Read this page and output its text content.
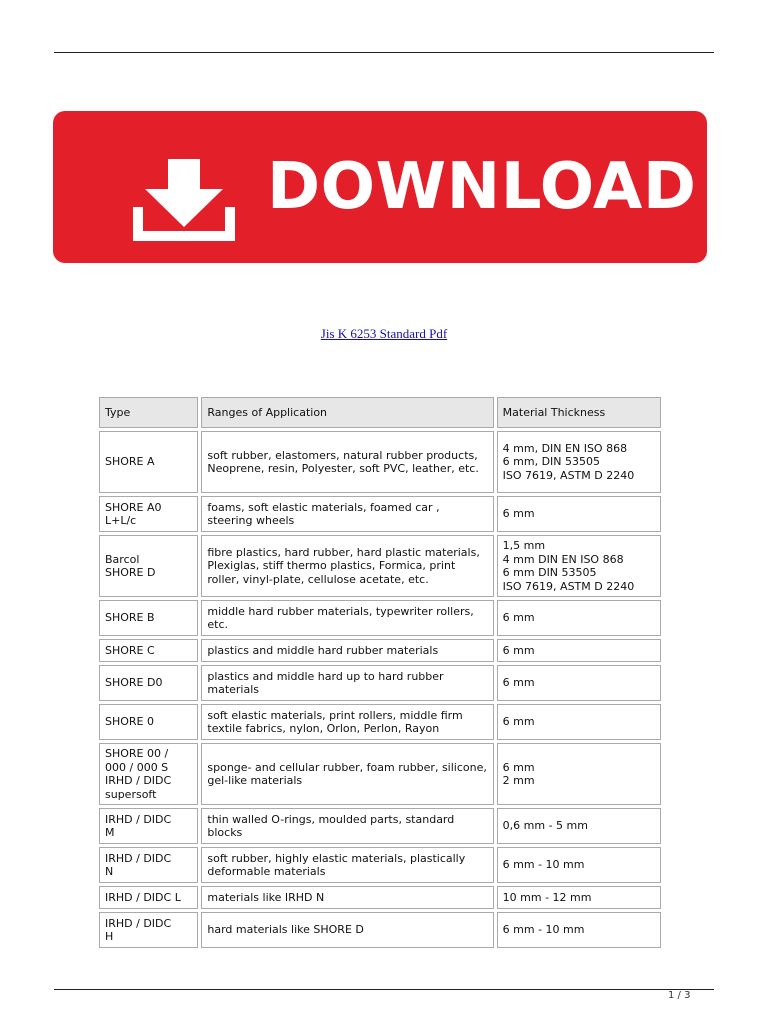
DOWNLOAD
Jis K 6253 Standard Pdf
Type	Ranges of Application	Material Thickness

SHORE A	soft rubber, elastomers, natural rubber products,
Neoprene, resin, Polyester, soft PVC, leather, etc.	4 mm, DIN EN ISO 868
6 mm, DIN 53505
ISO 7619, ASTM D 2240

SHORE A0
L+L/c	foams, soft elastic materials, foamed car , steering wheels	6 mm

Barcol
SHORE D	fibre plastics, hard rubber, hard plastic materials, Plexiglas, stiff thermo plastics, Formica, print roller, vinyl-plate, cellulose acetate, etc.	1,5 mm
4 mm DIN EN ISO 868
6 mm DIN 53505
ISO 7619, ASTM D 2240

SHORE B	middle hard rubber materials, typewriter rollers, etc.	6 mm

SHORE C	plastics and middle hard rubber materials	6 mm

SHORE D0	plastics and middle hard up to hard rubber materials	6 mm

SHORE 0	soft elastic materials, print rollers, middle firm textile fabrics, nylon, Orlon, Perlon, Rayon	6 mm

SHORE 00 /
000 / 000 S
IRHD / DIDC
supersoft	sponge- and cellular rubber, foam rubber, silicone,
gel-like materials	6 mm
2 mm

IRHD / DIDC
M	thin walled O-rings, moulded parts, standard blocks	0,6 mm - 5 mm

IRHD / DIDC
N	soft rubber, highly elastic materials, plastically deformable materials	6 mm - 10 mm

IRHD / DIDC L	materials like IRHD N	10 mm - 12 mm

IRHD / DIDC
H	hard materials like SHORE D	6 mm - 10 mm
1 / 3
